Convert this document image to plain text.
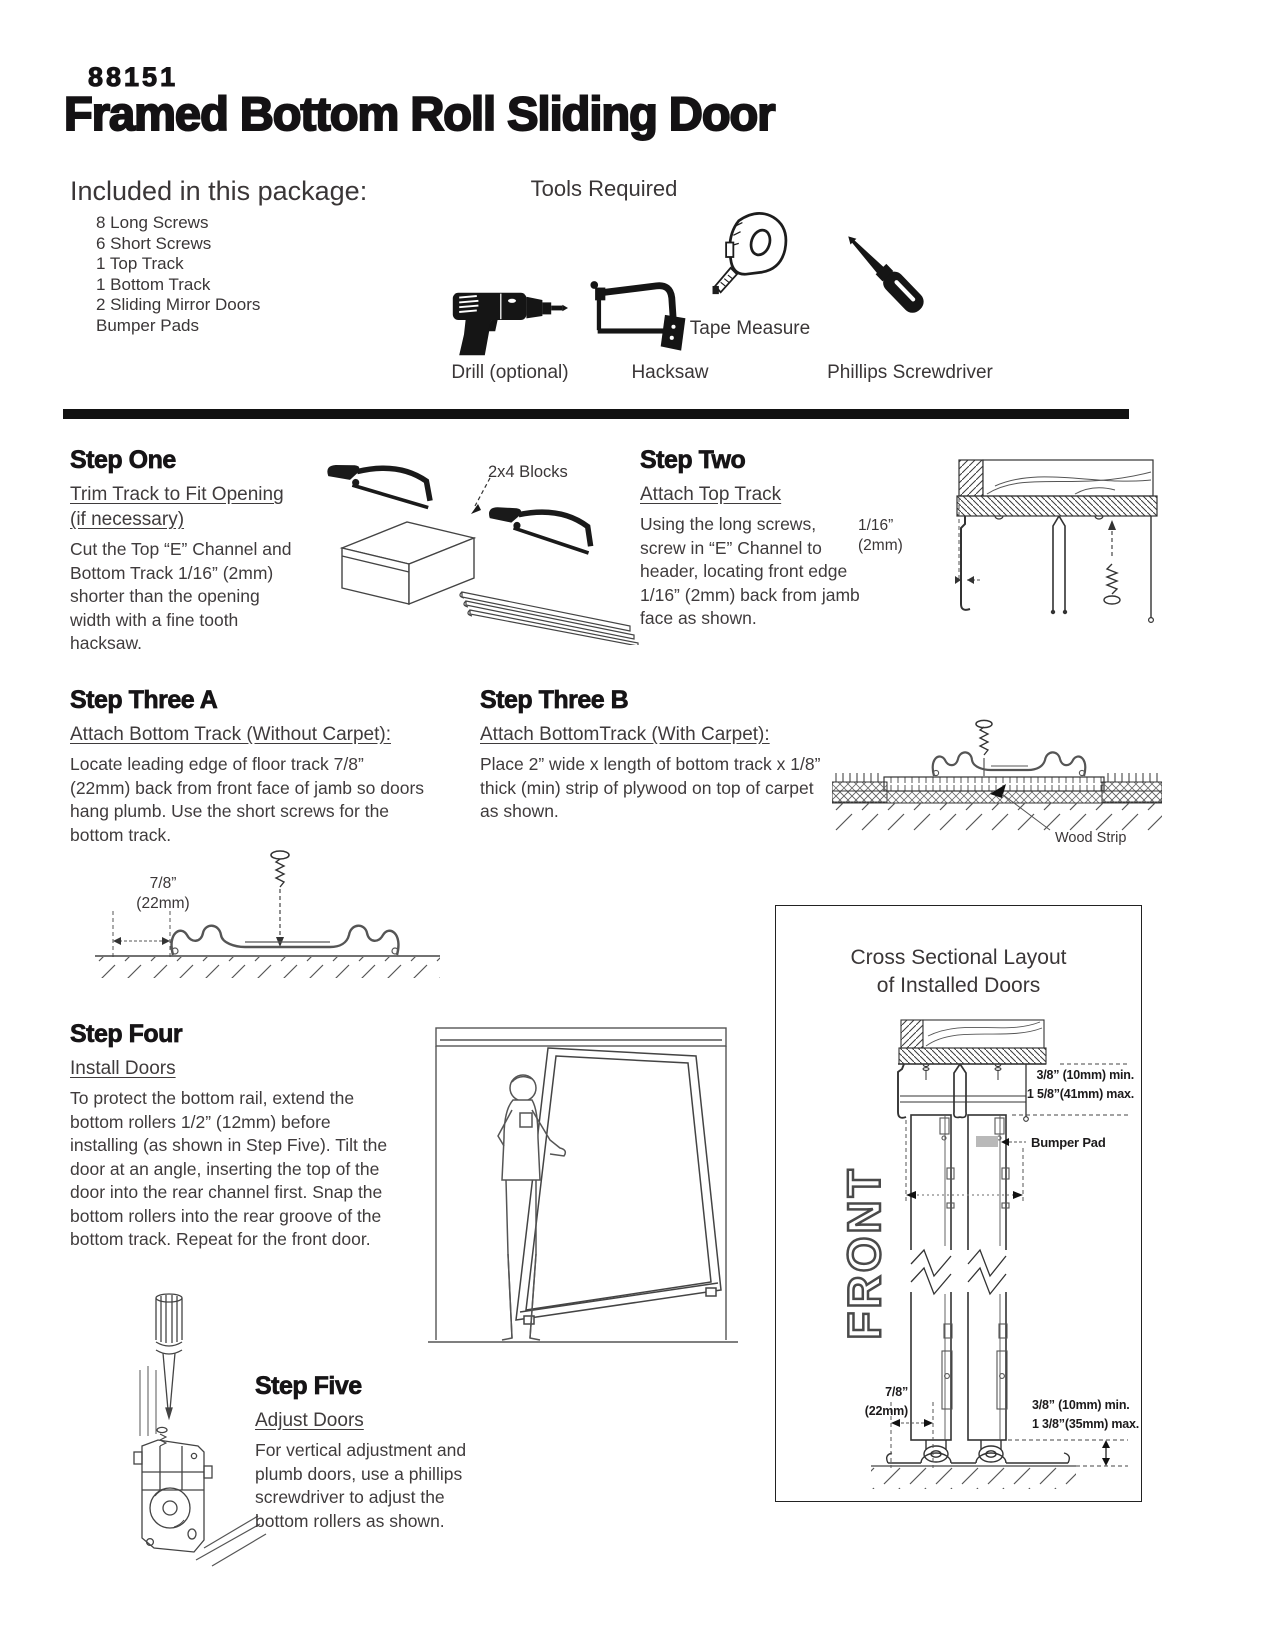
88151
Framed Bottom Roll Sliding Door
Included in this package:
8 Long Screws
6 Short Screws
1 Top Track
1 Bottom Track
2 Sliding Mirror Doors
Bumper Pads
Tools Required
Drill (optional)	Hacksaw
Tape Measure
Phillips Screwdriver
Step One
Trim Track to Fit Opening (if necessary)
Cut the Top “E” Channel and Bottom Track 1/16” (2mm) shorter than the opening width with a fine tooth hacksaw.
2x4 Blocks	Step Two
Attach Top Track
Using the long screws, screw in “E” Channel to header, locating front edge 1/16” (2mm) back from jamb face as shown.
1/16”
(2mm)
Step Three A
Attach Bottom Track (Without Carpet):
Locate leading edge of floor track 7/8” (22mm) back from front face of jamb so doors hang plumb. Use the short screws for the bottom track.
7/8”
(22mm)
Step Three B
Attach BottomTrack (With Carpet):
Place 2” wide x length of bottom track x 1/8” thick (min) strip of plywood on top of carpet as shown.
Wood Strip
Cross Sectional Layout
of Installed Doors
3/8” (10mm) min.
1 5/8”(41mm) max.
Bumper Pad
FRONT
7/8”
(22mm)	3/8” (10mm) min.
1 3/8”(35mm) max.
Step Four
Install Doors
To protect the bottom rail, extend the bottom rollers 1/2” (12mm) before installing (as shown in Step Five). Tilt the door at an angle, inserting the top of the door into the rear channel first. Snap the bottom rollers into the rear groove of the bottom track. Repeat for the front door.
Step Five
Adjust Doors
For vertical adjustment and plumb doors, use a phillips screwdriver to adjust the bottom rollers as shown.
